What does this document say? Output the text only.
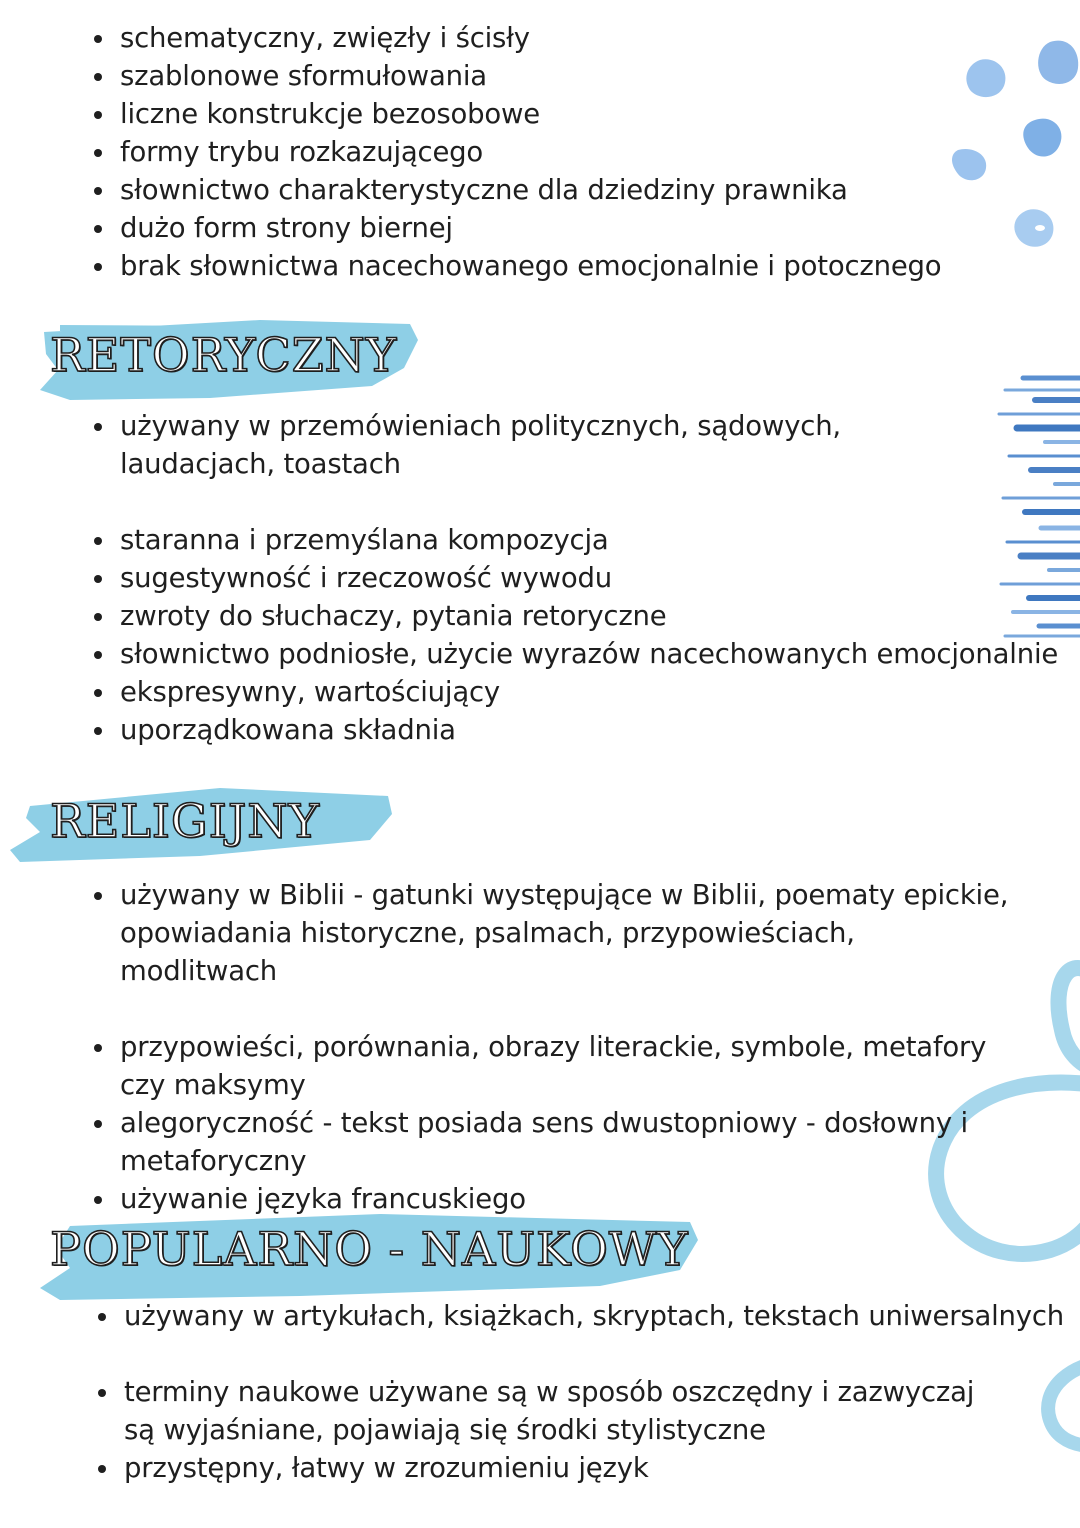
schematyczny, zwięzły i ścisły
szablonowe sformułowania
liczne konstrukcje bezosobowe
formy trybu rozkazującego
słownictwo charakterystyczne dla dziedziny prawnika
dużo form strony biernej
brak słownictwa nacechowanego emocjonalnie i potocznego
RETORYCZNY
używany w przemówieniach politycznych, sądowych, laudacjach, toastach
staranna i przemyślana kompozycja
sugestywność i rzeczowość wywodu
zwroty do słuchaczy, pytania retoryczne
słownictwo podniosłe, użycie wyrazów nacechowanych emocjonalnie
ekspresywny, wartościujący
uporządkowana składnia
RELIGIJNY
używany w Biblii - gatunki występujące w Biblii, poematy epickie, opowiadania historyczne, psalmach, przypowieściach, modlitwach
przypowieści, porównania, obrazy literackie, symbole, metafory czy maksymy
alegoryczność - tekst posiada sens dwustopniowy - dosłowny i metaforyczny
używanie języka francuskiego
POPULARNO - NAUKOWY
używany w artykułach, książkach, skryptach, tekstach uniwersalnych
terminy naukowe używane są w sposób oszczędny i zazwyczaj są wyjaśniane, pojawiają się środki stylistyczne
przystępny, łatwy w zrozumieniu język
